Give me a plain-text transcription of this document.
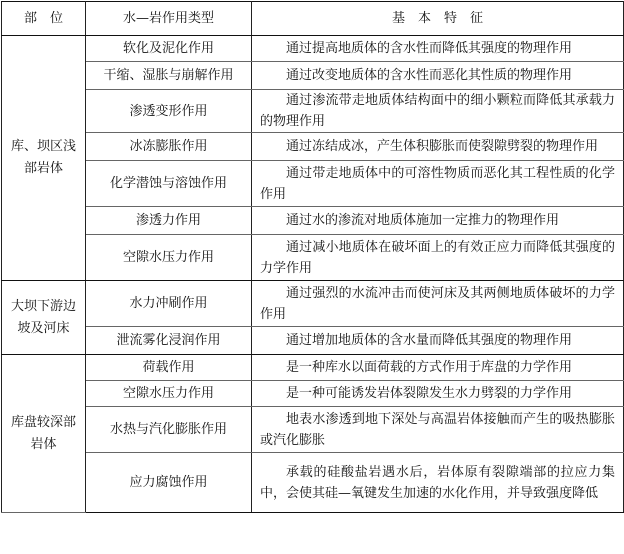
部　位	水—岩作用类型	基　本　特　征
库、坝区浅部岩体	软化及泥化作用	通过提高地质体的含水性而降低其强度的物理作用
	干缩、湿胀与崩解作用	通过改变地质体的含水性而恶化其性质的物理作用
	渗透变形作用	通过渗流带走地质体结构面中的细小颗粒而降低其承载力的物理作用
	冰冻膨胀作用	通过冻结成冰，产生体积膨胀而使裂隙劈裂的物理作用
	化学潜蚀与溶蚀作用	通过带走地质体中的可溶性物质而恶化其工程性质的化学作用
	渗透力作用	通过水的渗流对地质体施加一定推力的物理作用
	空隙水压力作用	通过减小地质体在破坏面上的有效正应力而降低其强度的力学作用
大坝下游边坡及河床	水力冲刷作用	通过强烈的水流冲击而使河床及其两侧地质体破坏的力学作用
	泄流雾化浸润作用	通过增加地质体的含水量而降低其强度的物理作用
库盘较深部岩体	荷载作用	是一种库水以面荷载的方式作用于库盘的力学作用
	空隙水压力作用	是一种可能诱发岩体裂隙发生水力劈裂的力学作用
	水热与汽化膨胀作用	地表水渗透到地下深处与高温岩体接触而产生的吸热膨胀或汽化膨胀
	应力腐蚀作用	承载的硅酸盐岩遇水后，岩体原有裂隙端部的拉应力集中，会使其硅—氧键发生加速的水化作用，并导致强度降低
